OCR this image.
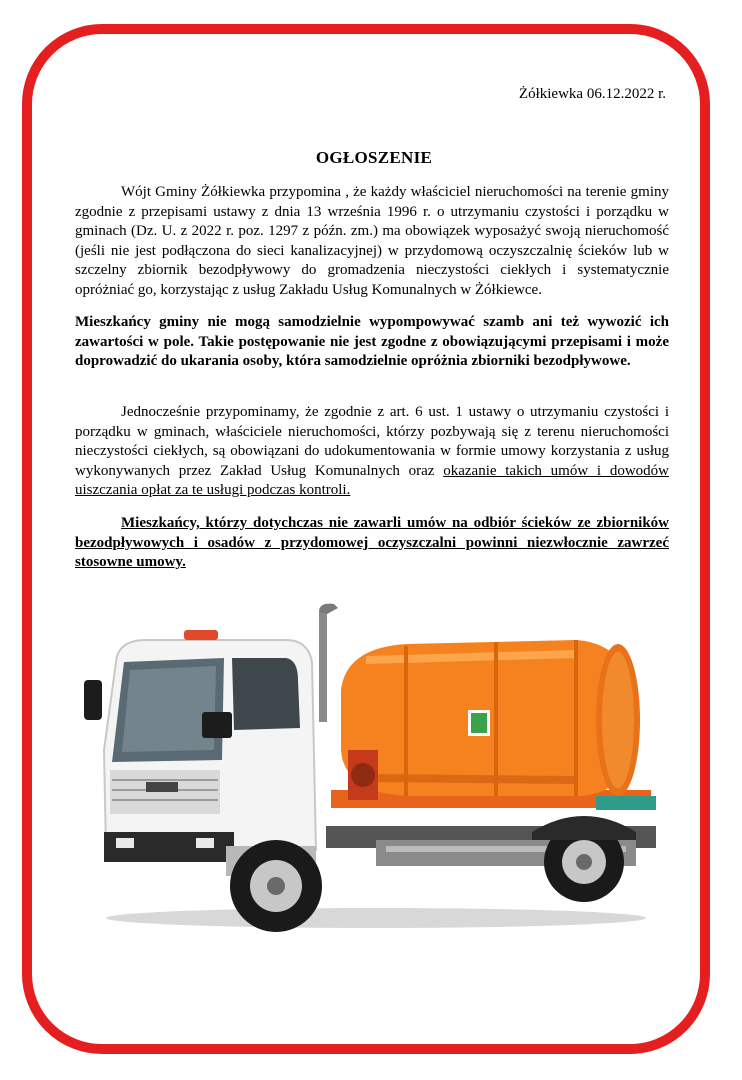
Żółkiewka 06.12.2022 r.
OGŁOSZENIE

Wójt Gminy Żółkiewka przypomina , że każdy właściciel nieruchomości na terenie gminy zgodnie z przepisami ustawy z dnia 13 września 1996 r. o utrzymaniu czystości i porządku w gminach (Dz. U. z 2022 r. poz. 1297 z późn. zm.) ma obowiązek wyposażyć swoją nieruchomość (jeśli nie jest podłączona do sieci kanalizacyjnej) w przydomową oczyszczalnię ścieków lub w szczelny zbiornik bezodpływowy do gromadzenia nieczystości ciekłych i systematycznie opróżniać go, korzystając z usług Zakładu Usług Komunalnych w Żółkiewce.

Mieszkańcy gminy nie mogą samodzielnie wypompowywać szamb ani też wywozić ich zawartości w pole. Takie postępowanie nie jest zgodne z obowiązującymi przepisami i może doprowadzić do ukarania osoby, która samodzielnie opróżnia zbiorniki bezodpływowe.

Jednocześnie przypominamy, że zgodnie z art. 6 ust. 1 ustawy o utrzymaniu czystości i porządku w gminach, właściciele nieruchomości, którzy pozbywają się z terenu nieruchomości nieczystości ciekłych, są obowiązani do udokumentowania w formie umowy korzystania z usług wykonywanych przez Zakład Usług Komunalnych oraz okazanie takich umów i dowodów uiszczania opłat za te usługi podczas kontroli.

Mieszkańcy, którzy dotychczas nie zawarli umów na odbiór ścieków ze zbiorników bezodpływowych i osadów z przydomowej oczyszczalni powinni niezwłocznie zawrzeć stosowne umowy.
